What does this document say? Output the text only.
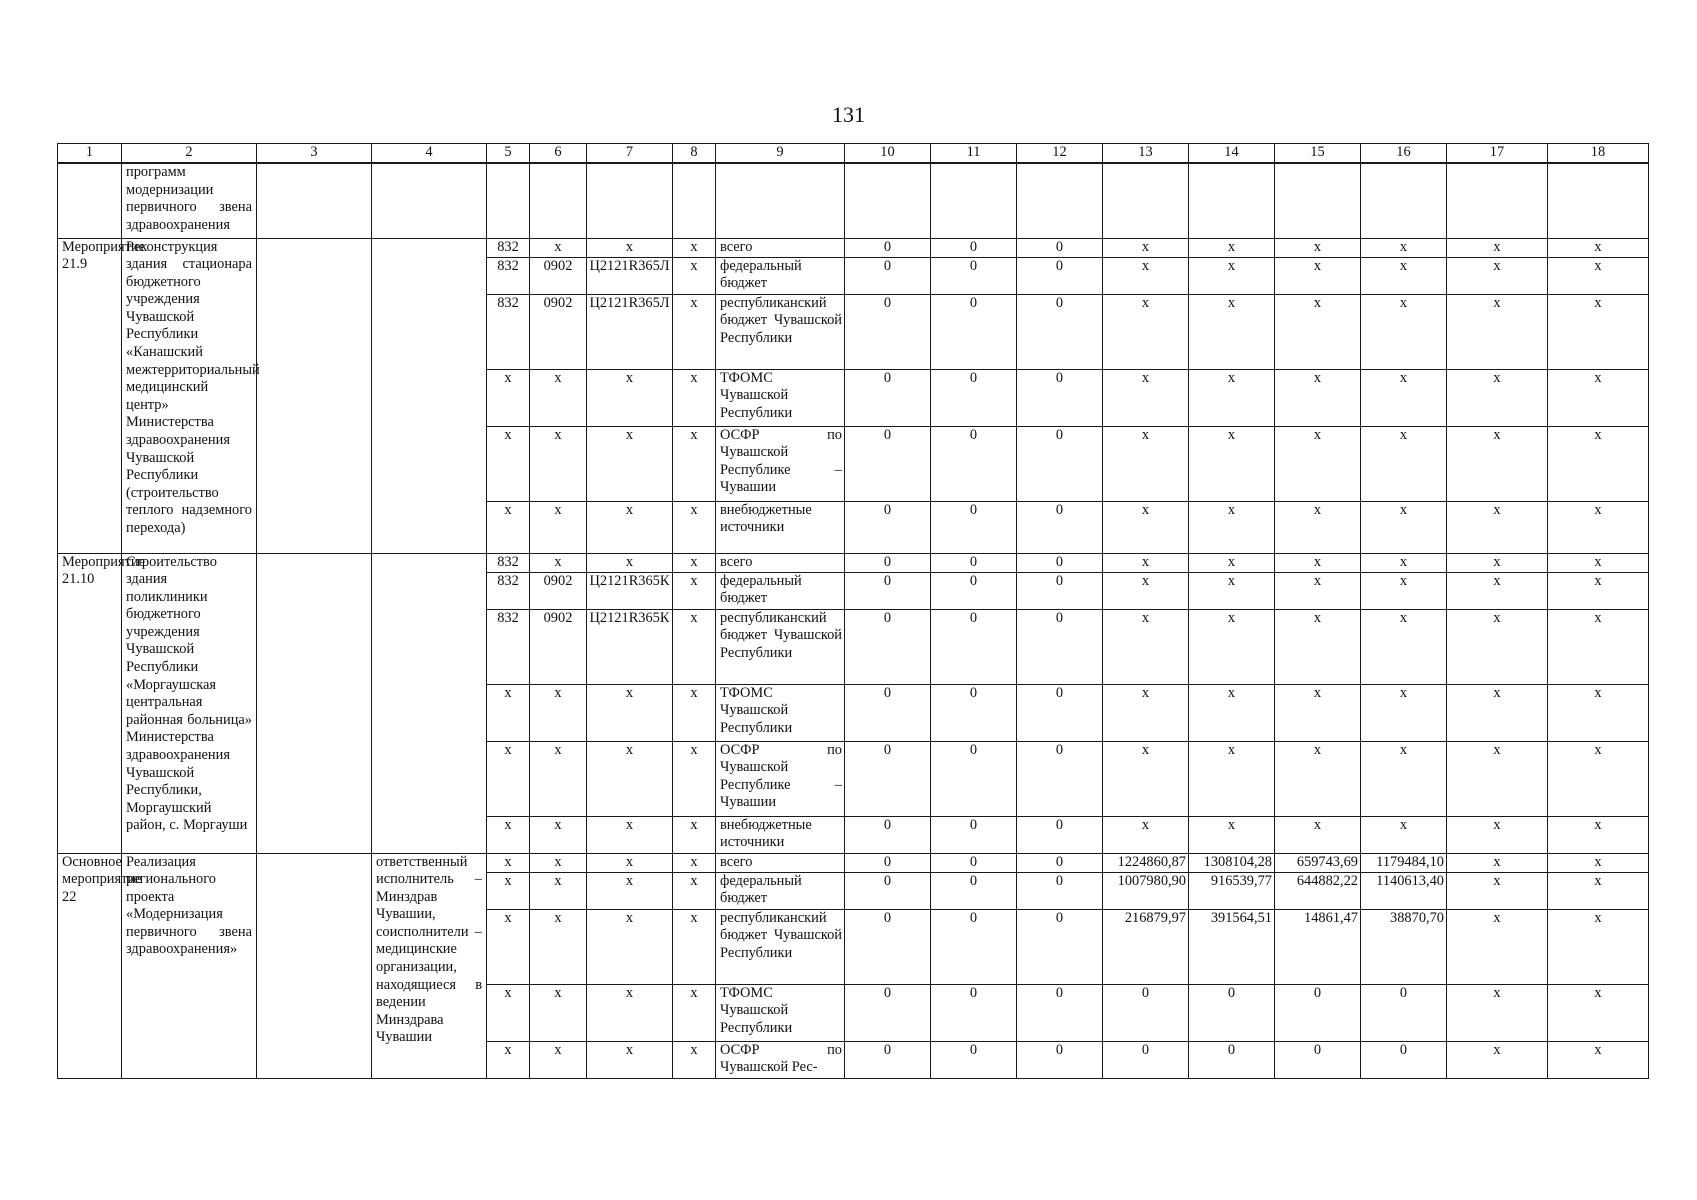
131
1	2	3	4	5	6	7	8	9	10	11	12	13	14	15	16	17	18
	программ модернизации первичного звена здравоохранения																
Мероприятие 21.9	Реконструкция здания стационара бюджетного учреждения Чувашской Республики «Канашский межтерриториальный медицинский центр» Министерства здравоохранения Чувашской Республики (строительство теплого надземного перехода)			832	x	x	x	всего	0	0	0	x	x	x	x	x	x
				832	0902	Ц2121R365Л	x	федеральный бюджет	0	0	0	x	x	x	x	x	x
				832	0902	Ц2121R365Л	x	республиканский бюджет Чувашской Республики	0	0	0	x	x	x	x	x	x
				x	x	x	x	ТФОМС Чувашской Республики	0	0	0	x	x	x	x	x	x
				x	x	x	x	ОСФР по Чувашской Республике – Чувашии	0	0	0	x	x	x	x	x	x
				x	x	x	x	внебюджетные источники	0	0	0	x	x	x	x	x	x
Мероприятие 21.10	Строительство здания поликлиники бюджетного учреждения Чувашской Республики «Моргаушская центральная районная больница» Министерства здравоохранения Чувашской Республики, Моргаушский район, с. Моргауши			832	x	x	x	всего	0	0	0	x	x	x	x	x	x
				832	0902	Ц2121R365К	x	федеральный бюджет	0	0	0	x	x	x	x	x	x
				832	0902	Ц2121R365К	x	республиканский бюджет Чувашской Республики	0	0	0	x	x	x	x	x	x
				x	x	x	x	ТФОМС Чувашской Республики	0	0	0	x	x	x	x	x	x
				x	x	x	x	ОСФР по Чувашской Республике – Чувашии	0	0	0	x	x	x	x	x	x
				x	x	x	x	внебюджетные источники	0	0	0	x	x	x	x	x	x
Основное мероприятие 22	Реализация регионального проекта «Модернизация первичного звена здравоохранения»		ответственный исполнитель – Минздрав Чувашии, соисполнители – медицинские организации, находящиеся в ведении Минздрава Чувашии	x	x	x	x	всего	0	0	0	1224860,87	1308104,28	659743,69	1179484,10	x	x
				x	x	x	x	федеральный бюджет	0	0	0	1007980,90	916539,77	644882,22	1140613,40	x	x
				x	x	x	x	республиканский бюджет Чувашской Республики	0	0	0	216879,97	391564,51	14861,47	38870,70	x	x
				x	x	x	x	ТФОМС Чувашской Республики	0	0	0	0	0	0	0	x	x
				x	x	x	x	ОСФР по Чувашской Рес-	0	0	0	0	0	0	0	x	x
